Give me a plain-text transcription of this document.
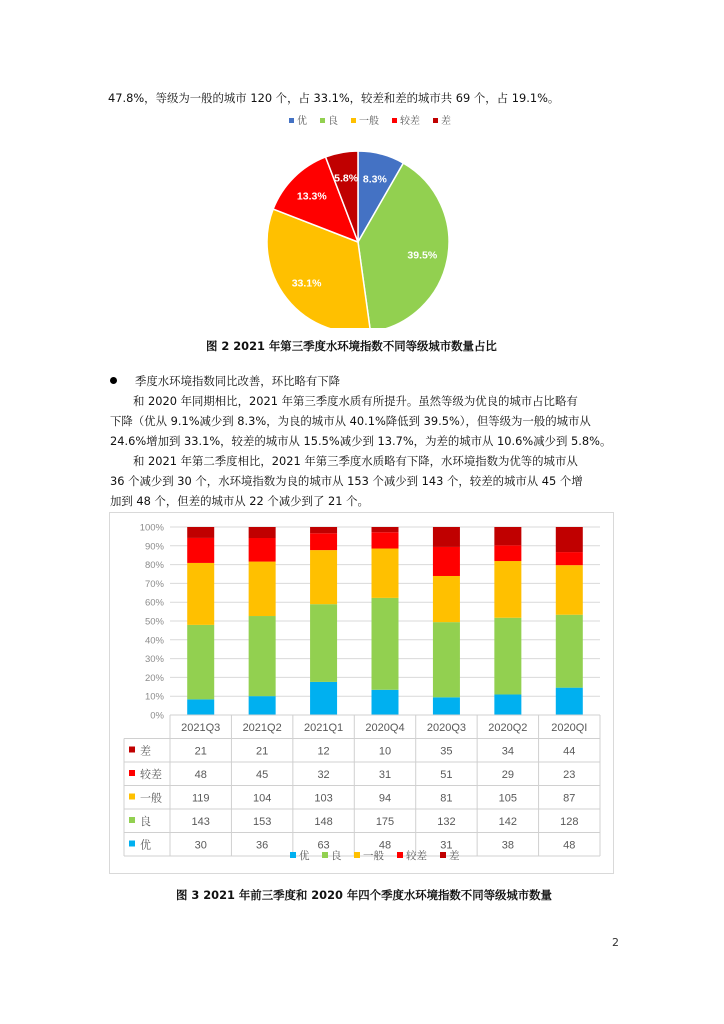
47.8%，等级为一般的城市 120 个，占 33.1%，较差和差的城市共 69 个，占 19.1%。
优 良 一般 较差 差
8.3%
39.5%
33.1%
13.3%
5.8%
图 2 2021 年第三季度水环境指数不同等级城市数量占比
季度水环境指数同比改善，环比略有下降
和 2020 年同期相比，2021 年第三季度水质有所提升。虽然等级为优良的城市占比略有
下降（优从 9.1%减少到 8.3%，为良的城市从 40.1%降低到 39.5%），但等级为一般的城市从
24.6%增加到 33.1%，较差的城市从 15.5%减少到 13.7%，为差的城市从 10.6%减少到 5.8%。
和 2021 年第二季度相比，2021 年第三季度水质略有下降，水环境指数为优等的城市从
36 个减少到 30 个，水环境指数为良的城市从 153 个减少到 143 个，较差的城市从 45 个增
加到 48 个，但差的城市从 22 个减少到了 21 个。
0%
10%
20%
30%
40%
50%
60%
70%
80%
90%
100%
2021Q3 2021Q2 2021Q1 2020Q4 2020Q3 2020Q2 2020QI
差	21	21	12	10	35	34	44
较差	48	45	32	31	51	29	23
一般	119	104	103	94	81	105	87
良	143	153	148	175	132	142	128
优	30	36	63	48	31	38	48
优 良 一般 较差 差
图 3 2021 年前三季度和 2020 年四个季度水环境指数不同等级城市数量
2
